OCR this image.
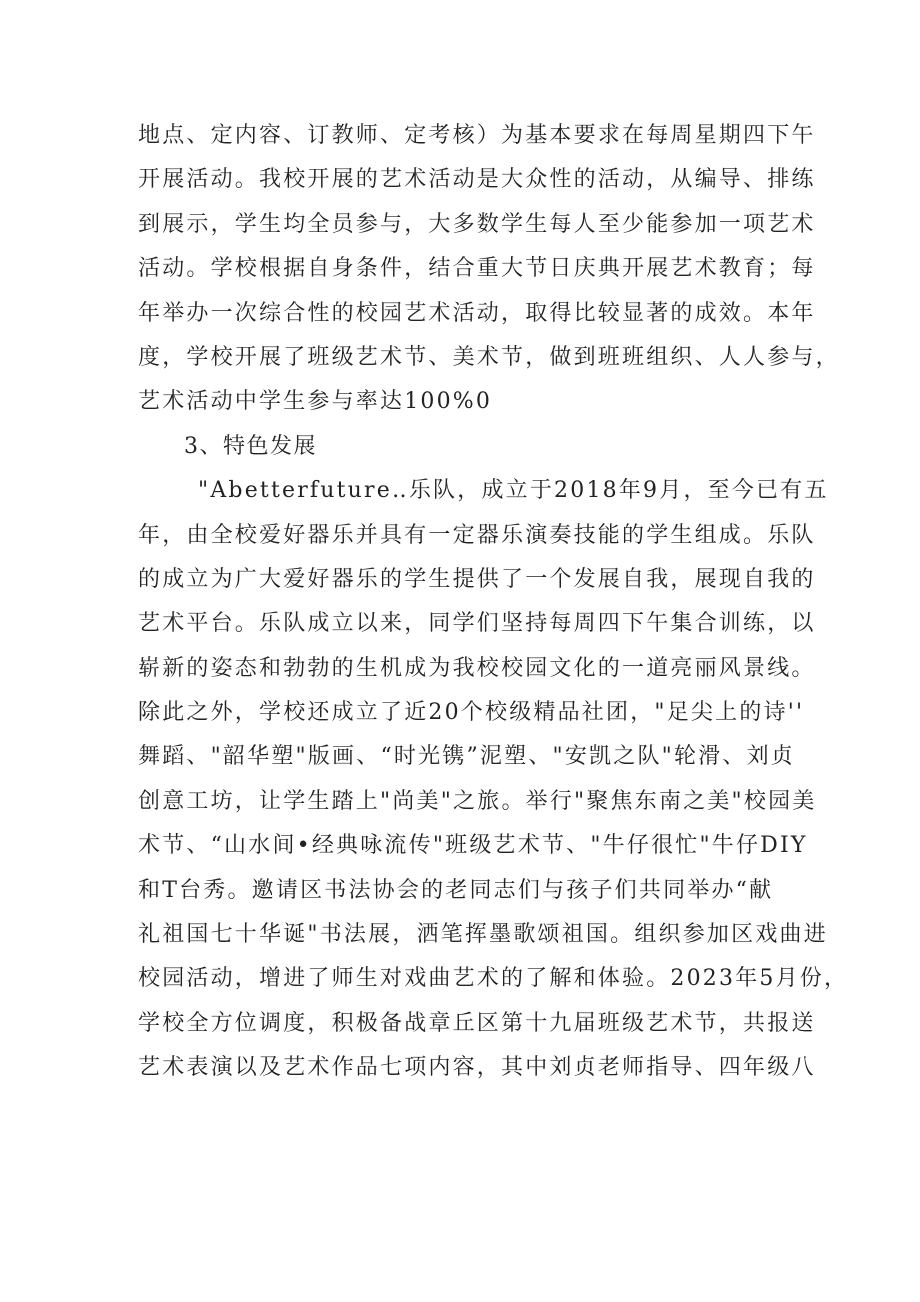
地点、定内容、订教师、定考核）为基本要求在每周星期四下午
开展活动。我校开展的艺术活动是大众性的活动，从编导、排练
到展示，学生均全员参与，大多数学生每人至少能参加一项艺术
活动。学校根据自身条件，结合重大节日庆典开展艺术教育；每
年举办一次综合性的校园艺术活动，取得比较显著的成效。本年
度，学校开展了班级艺术节、美术节，做到班班组织、人人参与，
艺术活动中学生参与率达100%0
3、特色发展
"Abetterfuture‥乐队，成立于2018年9月，至今已有五
年，由全校爱好器乐并具有一定器乐演奏技能的学生组成。乐队
的成立为广大爱好器乐的学生提供了一个发展自我，展现自我的
艺术平台。乐队成立以来，同学们坚持每周四下午集合训练，以
崭新的姿态和勃勃的生机成为我校校园文化的一道亮丽风景线。
除此之外，学校还成立了近20个校级精品社团，"足尖上的诗''
舞蹈、"韶华塑"版画、“时光镌”泥塑、"安凯之队"轮滑、刘贞
创意工坊，让学生踏上"尚美"之旅。举行"聚焦东南之美"校园美
术节、“山水间•经典咏流传"班级艺术节、"牛仔很忙"牛仔DIY
和T台秀。邀请区书法协会的老同志们与孩子们共同举办“献
礼祖国七十华诞"书法展，洒笔挥墨歌颂祖国。组织参加区戏曲进
校园活动，增进了师生对戏曲艺术的了解和体验。2023年5月份，
学校全方位调度，积极备战章丘区第十九届班级艺术节，共报送
艺术表演以及艺术作品七项内容，其中刘贞老师指导、四年级八
